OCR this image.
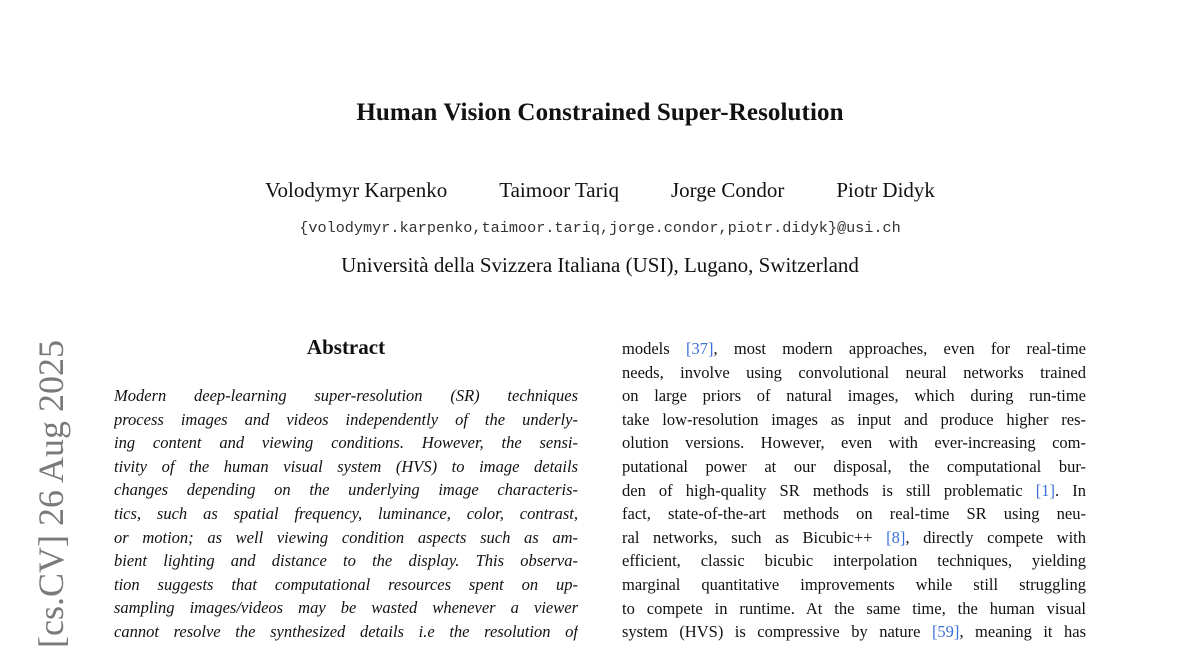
[cs.CV] 26 Aug 2025
Human Vision Constrained Super-Resolution
Volodymyr Karpenko Taimoor Tariq Jorge Condor Piotr Didyk
{volodymyr.karpenko,taimoor.tariq,jorge.condor,piotr.didyk}@usi.ch
Università della Svizzera Italiana (USI), Lugano, Switzerland
Abstract
Modern deep-learning super-resolution (SR) techniques
process images and videos independently of the underly-
ing content and viewing conditions. However, the sensi-
tivity of the human visual system (HVS) to image details
changes depending on the underlying image characteris-
tics, such as spatial frequency, luminance, color, contrast,
or motion; as well viewing condition aspects such as am-
bient lighting and distance to the display. This observa-
tion suggests that computational resources spent on up-
sampling images/videos may be wasted whenever a viewer
cannot resolve the synthesized details i.e the resolution of
models [37], most modern approaches, even for real-time
needs, involve using convolutional neural networks trained
on large priors of natural images, which during run-time
take low-resolution images as input and produce higher res-
olution versions. However, even with ever-increasing com-
putational power at our disposal, the computational bur-
den of high-quality SR methods is still problematic [1]. In
fact, state-of-the-art methods on real-time SR using neu-
ral networks, such as Bicubic++ [8], directly compete with
efficient, classic bicubic interpolation techniques, yielding
marginal quantitative improvements while still struggling
to compete in runtime. At the same time, the human visual
system (HVS) is compressive by nature [59], meaning it has
